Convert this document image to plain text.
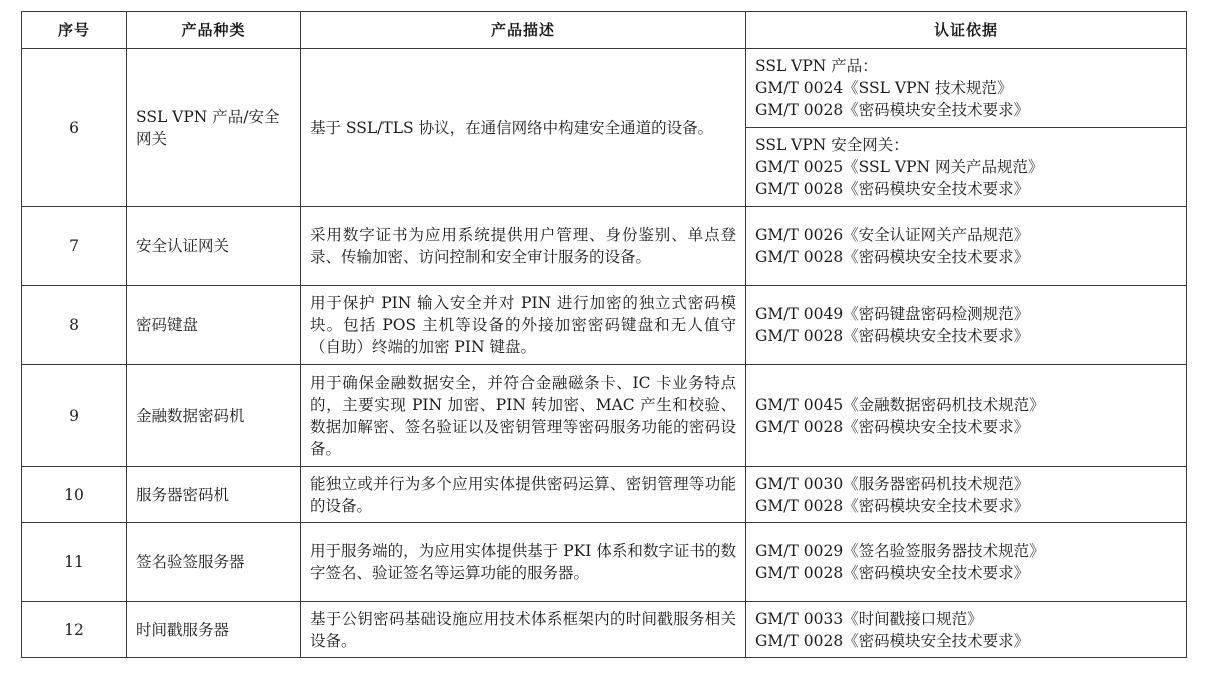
序号	产品种类	产品描述	认证依据
6	SSL VPN 产品/安全网关	基于 SSL/TLS 协议，在通信网络中构建安全通道的设备。	SSL VPN 产品：
GM/T 0024《SSL VPN 技术规范》
GM/T 0028《密码模块安全技术要求》

			SSL VPN 安全网关：
GM/T 0025《SSL VPN 网关产品规范》
GM/T 0028《密码模块安全技术要求》

7	安全认证网关	采用数字证书为应用系统提供用户管理、身份鉴别、单点登录、传输加密、访问控制和安全审计服务的设备。	GM/T 0026《安全认证网关产品规范》
GM/T 0028《密码模块安全技术要求》

8	密码键盘	用于保护 PIN 输入安全并对 PIN 进行加密的独立式密码模块。包括 POS 主机等设备的外接加密密码键盘和无人值守（自助）终端的加密 PIN 键盘。	GM/T 0049《密码键盘密码检测规范》
GM/T 0028《密码模块安全技术要求》

9	金融数据密码机	用于确保金融数据安全，并符合金融磁条卡、IC 卡业务特点的，主要实现 PIN 加密、PIN 转加密、MAC 产生和校验、数据加解密、签名验证以及密钥管理等密码服务功能的密码设备。	GM/T 0045《金融数据密码机技术规范》
GM/T 0028《密码模块安全技术要求》

10	服务器密码机	能独立或并行为多个应用实体提供密码运算、密钥管理等功能的设备。	GM/T 0030《服务器密码机技术规范》
GM/T 0028《密码模块安全技术要求》

11	签名验签服务器	用于服务端的，为应用实体提供基于 PKI 体系和数字证书的数字签名、验证签名等运算功能的服务器。	GM/T 0029《签名验签服务器技术规范》
GM/T 0028《密码模块安全技术要求》

12	时间戳服务器	基于公钥密码基础设施应用技术体系框架内的时间戳服务相关设备。	GM/T 0033《时间戳接口规范》
GM/T 0028《密码模块安全技术要求》
